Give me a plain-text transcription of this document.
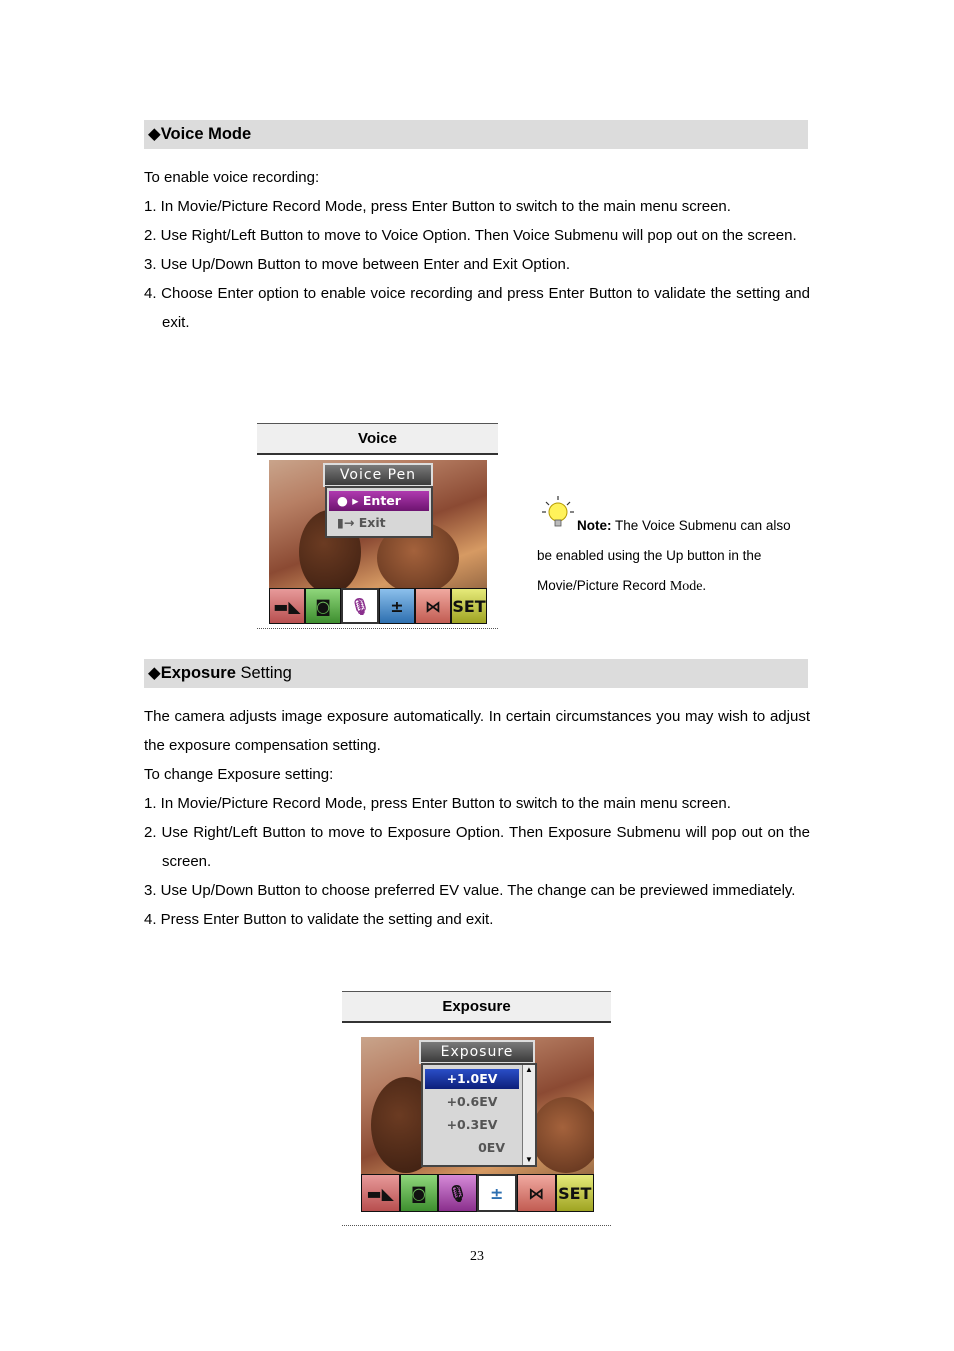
◆Voice Mode
To enable voice recording:
1. In Movie/Picture Record Mode, press Enter Button to switch to the main menu screen.
2. Use Right/Left Button to move to Voice Option. Then Voice Submenu will pop out on the screen.
3. Use Up/Down Button to move between Enter and Exit Option.
4. Choose Enter option to enable voice recording and press Enter Button to validate the setting and exit.
Voice
Voice Pen
● ▸ Enter
▮→ Exit
▬◣ ◙	🎙	±	⋈ SET
Note: The Voice Submenu can also
be enabled using the Up button in the
Movie/Picture Record Mode.
◆Exposure Setting
The camera adjusts image exposure automatically. In certain circumstances you may wish to adjust the exposure compensation setting.
To change Exposure setting:
1. In Movie/Picture Record Mode, press Enter Button to switch to the main menu screen.
2. Use Right/Left Button to move to Exposure Option. Then Exposure Submenu will pop out on the screen.
3. Use Up/Down Button to choose preferred EV value. The change can be previewed immediately.
4. Press Enter Button to validate the setting and exit.
Exposure
Exposure
+1.0EV
+0.6EV
+0.3EV
0EV
▲
▼
▬◣	◙	🎙	±	⋈ SET
23
